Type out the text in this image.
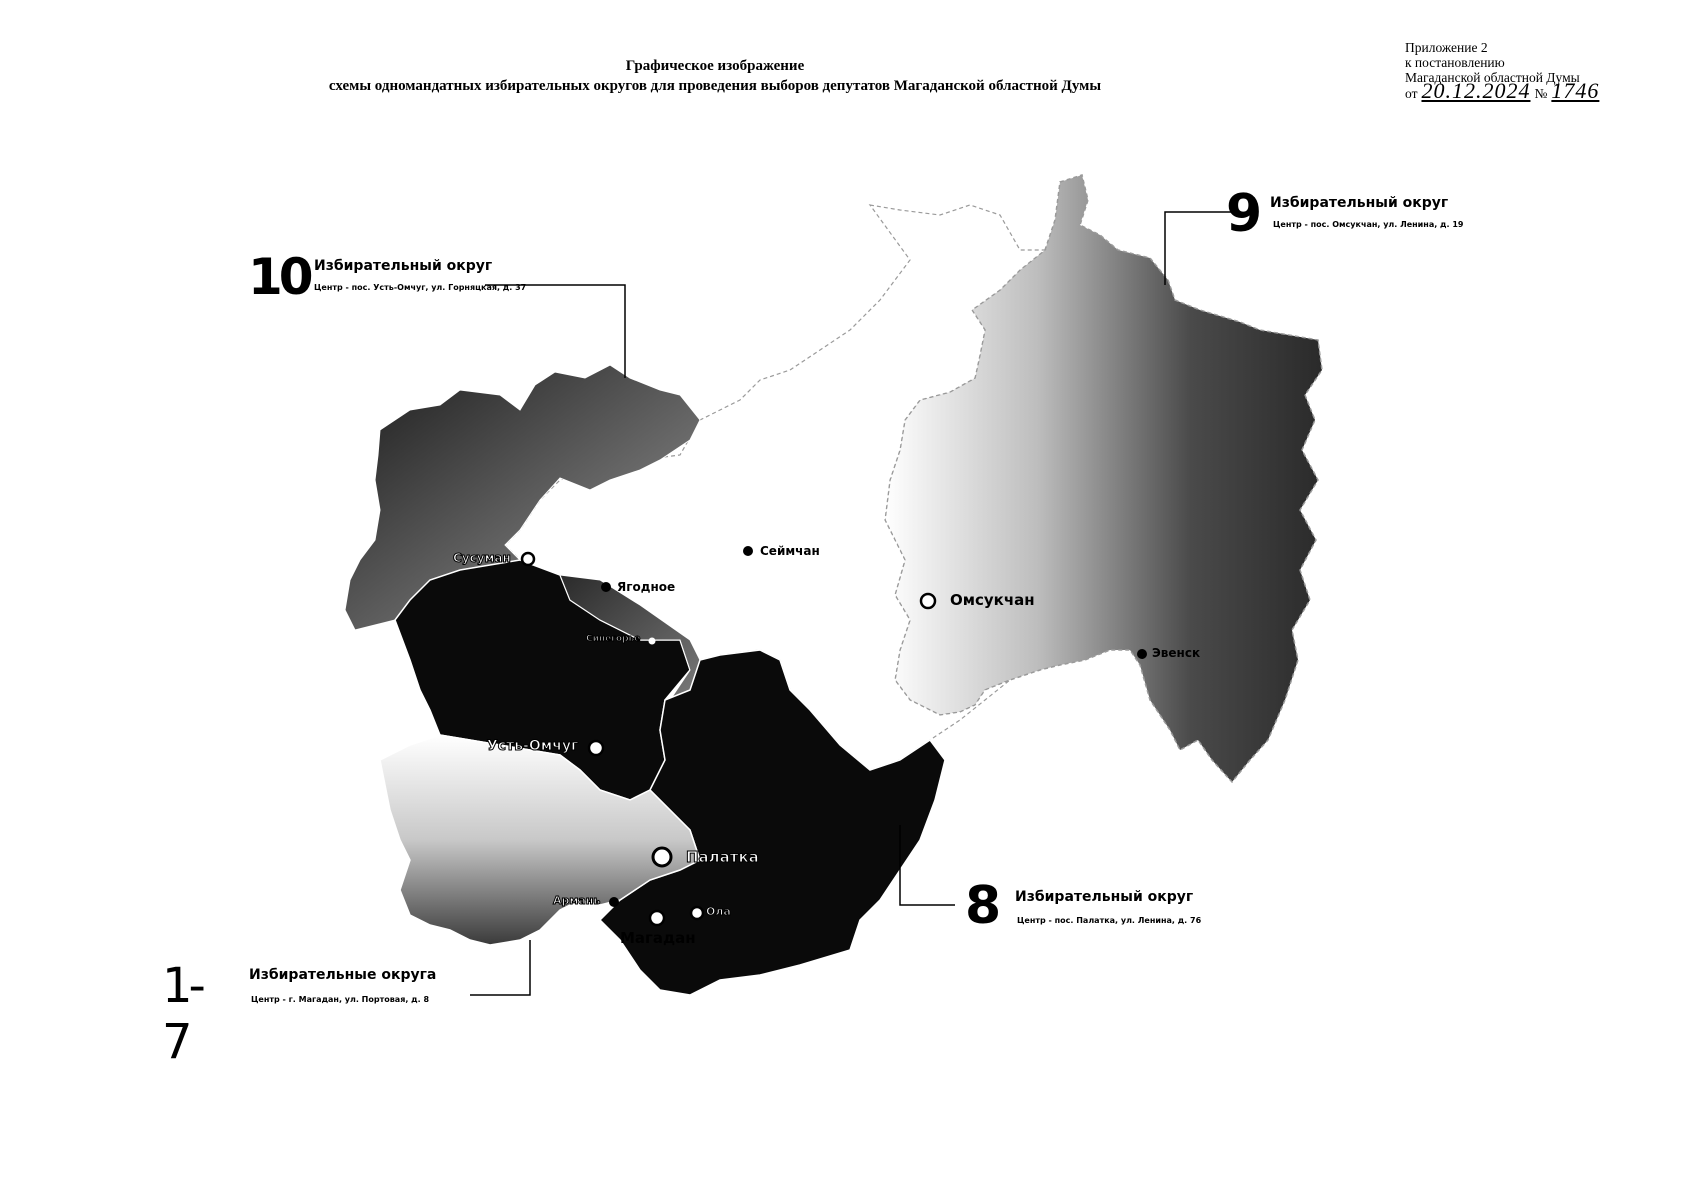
Графическое изображение
схемы одномандатных избирательных округов для проведения выборов депутатов Магаданской областной Думы
Приложение 2
к постановлению
Магаданской областной Думы
от 20.12.2024 № 1746
10 Избирательный округ
Центр - пос. Усть-Омчуг, ул. Горняцкая, д. 37
9 Избирательный округ
Центр - пос. Омсукчан, ул. Ленина, д. 19
8 Избирательный округ
Центр - пос. Палатка, ул. Ленина, д. 76
1-7
Избирательные округа
Центр - г. Магадан, ул. Портовая, д. 8
Сусуман
Ягодное
Сеймчан
Омсукчан
Синегорье
Эвенск
Усть-Омчуг
Палатка
Армань
Магадан
Ола
